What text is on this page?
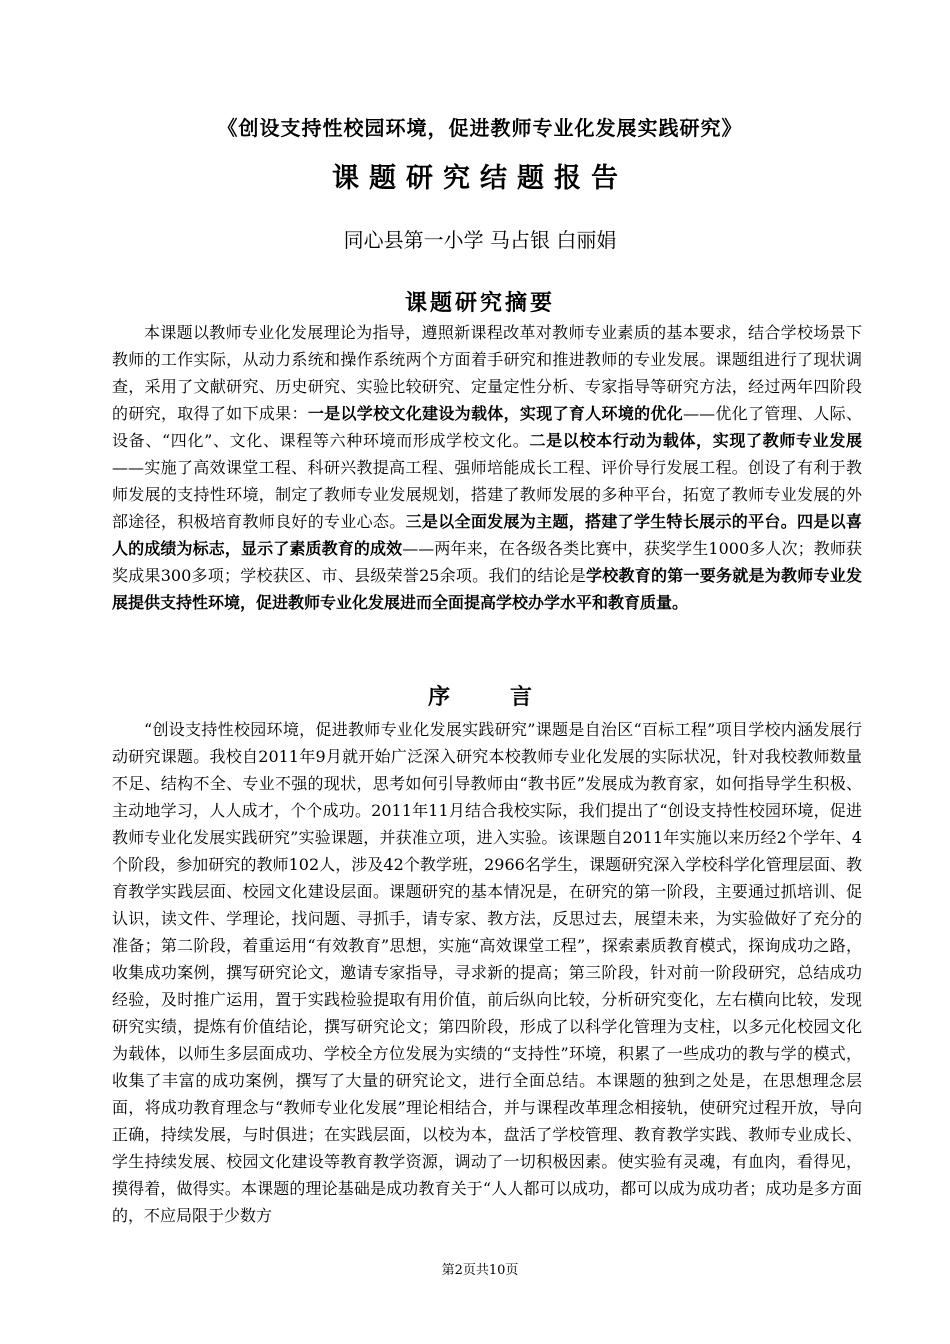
《创设支持性校园环境，促进教师专业化发展实践研究》
课题研究结题报告
同心县第一小学 马占银 白丽娟
课题研究摘要

本课题以教师专业化发展理论为指导，遵照新课程改革对教师专业素质的基本要求，结合学校场景下教师的工作实际，从动力系统和操作系统两个方面着手研究和推进教师的专业发展。课题组进行了现状调查，采用了文献研究、历史研究、实验比较研究、定量定性分析、专家指导等研究方法，经过两年四阶段的研究，取得了如下成果：一是以学校文化建设为载体，实现了育人环境的优化——优化了管理、人际、设备、“四化”、文化、课程等六种环境而形成学校文化。二是以校本行动为载体，实现了教师专业发展——实施了高效课堂工程、科研兴教提高工程、强师培能成长工程、评价导行发展工程。创设了有利于教师发展的支持性环境，制定了教师专业发展规划，搭建了教师发展的多种平台，拓宽了教师专业发展的外部途径，积极培育教师良好的专业心态。三是以全面发展为主题，搭建了学生特长展示的平台。四是以喜人的成绩为标志，显示了素质教育的成效——两年来，在各级各类比赛中，获奖学生1000多人次；教师获奖成果300多项；学校获区、市、县级荣誉25余项。我们的结论是学校教育的第一要务就是为教师专业发展提供支持性环境，促进教师专业化发展进而全面提高学校办学水平和教育质量。

序言

“创设支持性校园环境，促进教师专业化发展实践研究”课题是自治区“百标工程”项目学校内涵发展行动研究课题。我校自2011年9月就开始广泛深入研究本校教师专业化发展的实际状况，针对我校教师数量不足、结构不全、专业不强的现状，思考如何引导教师由“教书匠”发展成为教育家，如何指导学生积极、主动地学习，人人成才，个个成功。2011年11月结合我校实际，我们提出了“创设支持性校园环境，促进教师专业化发展实践研究”实验课题，并获准立项，进入实验。该课题自2011年实施以来历经2个学年、4个阶段，参加研究的教师102人，涉及42个教学班，2966名学生，课题研究深入学校科学化管理层面、教育教学实践层面、校园文化建设层面。课题研究的基本情况是，在研究的第一阶段，主要通过抓培训、促认识，读文件、学理论，找问题、寻抓手，请专家、教方法，反思过去，展望未来，为实验做好了充分的准备；第二阶段，着重运用“有效教育”思想，实施“高效课堂工程”，探索素质教育模式，探询成功之路，收集成功案例，撰写研究论文，邀请专家指导，寻求新的提高；第三阶段，针对前一阶段研究，总结成功经验，及时推广运用，置于实践检验提取有用价值，前后纵向比较，分析研究变化，左右横向比较，发现研究实绩，提炼有价值结论，撰写研究论文；第四阶段，形成了以科学化管理为支柱，以多元化校园文化为载体，以师生多层面成功、学校全方位发展为实绩的“支持性”环境，积累了一些成功的教与学的模式，收集了丰富的成功案例，撰写了大量的研究论文，进行全面总结。本课题的独到之处是，在思想理念层面，将成功教育理念与“教师专业化发展”理论相结合，并与课程改革理念相接轨，使研究过程开放，导向正确，持续发展，与时俱进；在实践层面，以校为本，盘活了学校管理、教育教学实践、教师专业成长、学生持续发展、校园文化建设等教育教学资源，调动了一切积极因素。使实验有灵魂，有血肉，看得见，摸得着，做得实。本课题的理论基础是成功教育关于“人人都可以成功，都可以成为成功者；成功是多方面的，不应局限于少数方

第2页共10页
